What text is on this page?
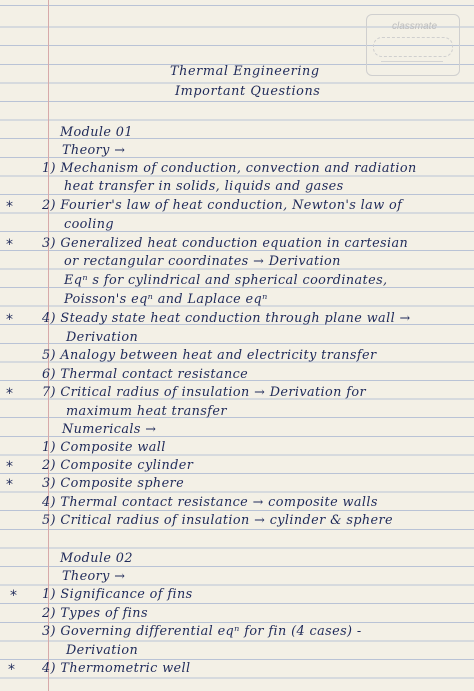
classmate
Thermal Engineering
Important Questions
Module 01
Theory →
1) Mechanism of conduction, convection and radiation
heat transfer in solids, liquids and gases
* 2) Fourier's law of heat conduction, Newton's law of
cooling
* 3) Generalized heat conduction equation in cartesian
or rectangular coordinates → Derivation
Eqⁿ s for cylindrical and spherical coordinates,
Poisson's eqⁿ and Laplace eqⁿ
* 4) Steady state heat conduction through plane wall →
Derivation
5) Analogy between heat and electricity transfer
6) Thermal contact resistance
* 7) Critical radius of insulation → Derivation for
maximum heat transfer
Numericals →
1) Composite wall
* 2) Composite cylinder
* 3) Composite sphere
4) Thermal contact resistance → composite walls
5) Critical radius of insulation → cylinder & sphere
Module 02
Theory →
* 1) Significance of fins
2) Types of fins
3) Governing differential eqⁿ for fin (4 cases) -
Derivation
* 4) Thermometric well
